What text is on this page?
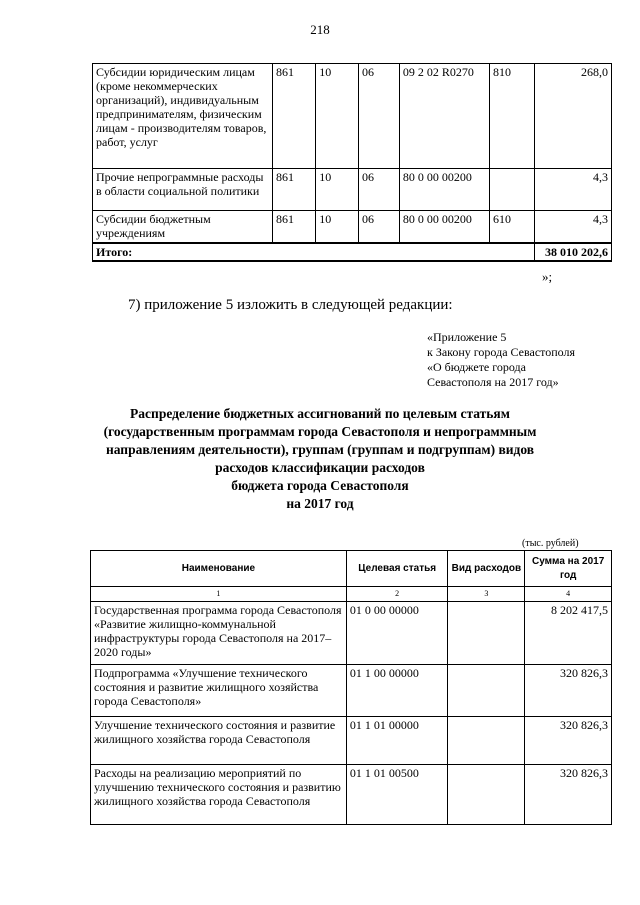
218
Субсидии юридическим лицам (кроме некоммерческих организаций), индивидуальным предпринимателям, физическим лицам - производителям товаров, работ, услуг	861	10	06	09 2 02 R0270	810	268,0
Прочие непрограммные расходы в области социальной политики	861	10	06	80 0 00 00200		4,3
Субсидии бюджетным учреждениям	861	10	06	80 0 00 00200	610	4,3
Итого:						38 010 202,6
»;
7) приложение 5 изложить в следующей редакции:
«Приложение 5
к Закону города Севастополя
«О бюджете города
Севастополя на 2017 год»
Распределение бюджетных ассигнований по целевым статьям
(государственным программам города Севастополя и непрограммным
направлениям деятельности), группам (группам и подгруппам) видов
расходов классификации расходов
бюджета города Севастополя
на 2017 год
(тыс. рублей)
Наименование	Целевая статья	Вид расходов	Сумма на 2017 год
1	2	3	4
Государственная программа города Севастополя «Развитие жилищно-коммунальной инфраструктуры города Севастополя на 2017–2020 годы»	01 0 00 00000		8 202 417,5
Подпрограмма «Улучшение технического состояния и развитие жилищного хозяйства города Севастополя»	01 1 00 00000		320 826,3
Улучшение технического состояния и развитие жилищного хозяйства города Севастополя	01 1 01 00000		320 826,3
Расходы на реализацию мероприятий по улучшению технического состояния и развитию жилищного хозяйства города Севастополя	01 1 01 00500		320 826,3
